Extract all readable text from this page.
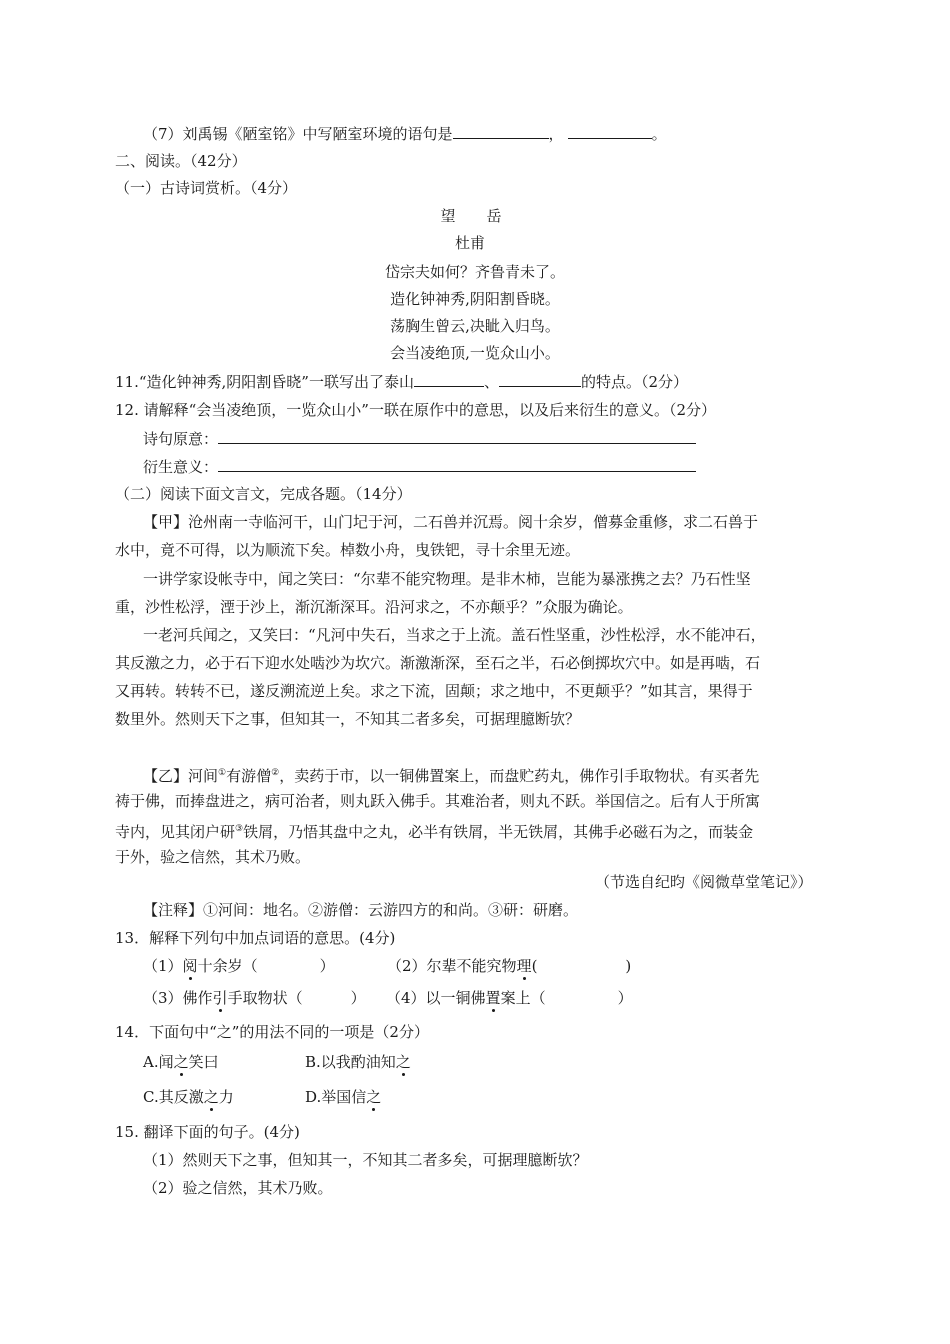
（7）刘禹锡《陋室铭》中写陋室环境的语句是	，	。
二、阅读。（42分）
（一）古诗词赏析。（4分）
望　岳
杜甫
岱宗夫如何？齐鲁青未了。
造化钟神秀,阴阳割昏晓。
荡胸生曾云,决眦入归鸟。
会当凌绝顶,一览众山小。
11.“造化钟神秀,阴阳割昏晓”一联写出了泰山	、	的特点。（2分）
12. 请解释“会当凌绝顶，一览众山小”一联在原作中的意思，以及后来衍生的意义。（2分）
诗句原意：
衍生意义：
（二）阅读下面文言文，完成各题。（14分）
【甲】沧州南一寺临河干，山门圮于河，二石兽并沉焉。阅十余岁，僧募金重修，求二石兽于
水中，竟不可得，以为顺流下矣。棹数小舟，曳铁钯，寻十余里无迹。
一讲学家设帐寺中，闻之笑曰：“尔辈不能究物理。是非木柿，岂能为暴涨携之去？乃石性坚
重，沙性松浮，湮于沙上，渐沉渐深耳。沿河求之，不亦颠乎？”众服为确论。
一老河兵闻之，又笑曰：“凡河中失石，当求之于上流。盖石性坚重，沙性松浮，水不能冲石，
其反激之力，必于石下迎水处啮沙为坎穴。渐激渐深，至石之半，石必倒掷坎穴中。如是再啮，石
又再转。转转不已，遂反溯流逆上矣。求之下流，固颠；求之地中，不更颠乎？”如其言，果得于
数里外。然则天下之事，但知其一，不知其二者多矣，可据理臆断欤？
【乙】河间①有游僧②，卖药于市，以一铜佛置案上，而盘贮药丸，佛作引手取物状。有买者先
祷于佛，而捧盘进之，病可治者，则丸跃入佛手。其难治者，则丸不跃。举国信之。后有人于所寓
寺内，见其闭户研③铁屑，乃悟其盘中之丸，必半有铁屑，半无铁屑，其佛手必磁石为之，而装金
于外，验之信然，其术乃败。
（节选自纪昀《阅微草堂笔记》）
【注释】①河间：地名。②游僧：云游四方的和尚。③研：研磨。
13．解释下列句中加点词语的意思。(4分)
（1）阅十余岁（	）	（2）尔辈不能究物理(	)
（3）佛作引手取物状（	） （4）以一铜佛置案上（	）
14．下面句中“之”的用法不同的一项是（2分）
A.闻之笑曰	B.以我酌油知之
C.其反激之力	D.举国信之
15. 翻译下面的句子。(4分)
（1）然则天下之事，但知其一，不知其二者多矣，可据理臆断欤？
（2）验之信然，其术乃败。
